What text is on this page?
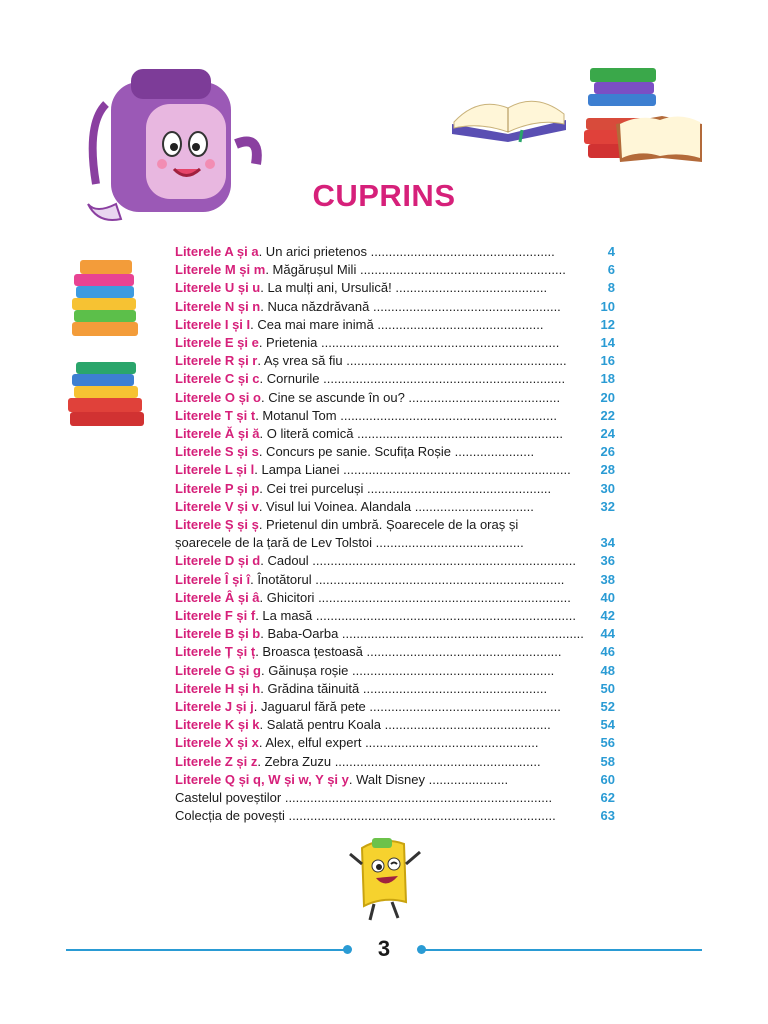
CUPRINS
Literele A și a. Un arici prietenos ...................................................	4
Literele M și m. Măgărușul Mili .........................................................	6
Literele U și u. La mulți ani, Ursulică! ..........................................	8
Literele N și n. Nuca năzdrăvană ....................................................	10
Literele I și I. Cea mai mare inimă ..............................................	12
Literele E și e. Prietenia ..................................................................	14
Literele R și r. Aș vrea să fiu .............................................................	16
Literele C și c. Cornurile ...................................................................	18
Literele O și o. Cine se ascunde în ou? ..........................................	20
Literele T și t. Motanul Tom ............................................................	22
Literele Ă și ă. O literă comică .........................................................	24
Literele S și s. Concurs pe sanie. Scufița Roșie ......................	26
Literele L și l. Lampa Lianei ............................................................... 28
Literele P și p. Cei trei purceluși ...................................................	30
Literele V și v. Visul lui Voinea. Alandala .................................	32
Literele Ș și ș. Prietenul din umbră. Șoarecele de la oraș și
șoarecele de la țară de Lev Tolstoi .........................................	34
Literele D și d. Cadoul ......................................................................... 36
Literele Î și î. Înotătorul .....................................................................	38
Literele Â și â. Ghicitori ...................................................................... 40
Literele F și f. La masă ........................................................................ 42
Literele B și b. Baba-Oarba ................................................................... 44
Literele Ț și ț. Broasca țestoasă ......................................................	46
Literele G și g. Găinușa roșie ........................................................	48
Literele H și h. Grădina tăinuită ...................................................	50
Literele J și j. Jaguarul fără pete .....................................................	52
Literele K și k. Salată pentru Koala ..............................................	54
Literele X și x. Alex, elful expert ................................................	56
Literele Z și z. Zebra Zuzu .........................................................	58
Literele Q și q, W și w, Y și y. Walt Disney ......................	60
Castelul poveștilor ..........................................................................	62
Colecția de povești ..........................................................................	63
3
